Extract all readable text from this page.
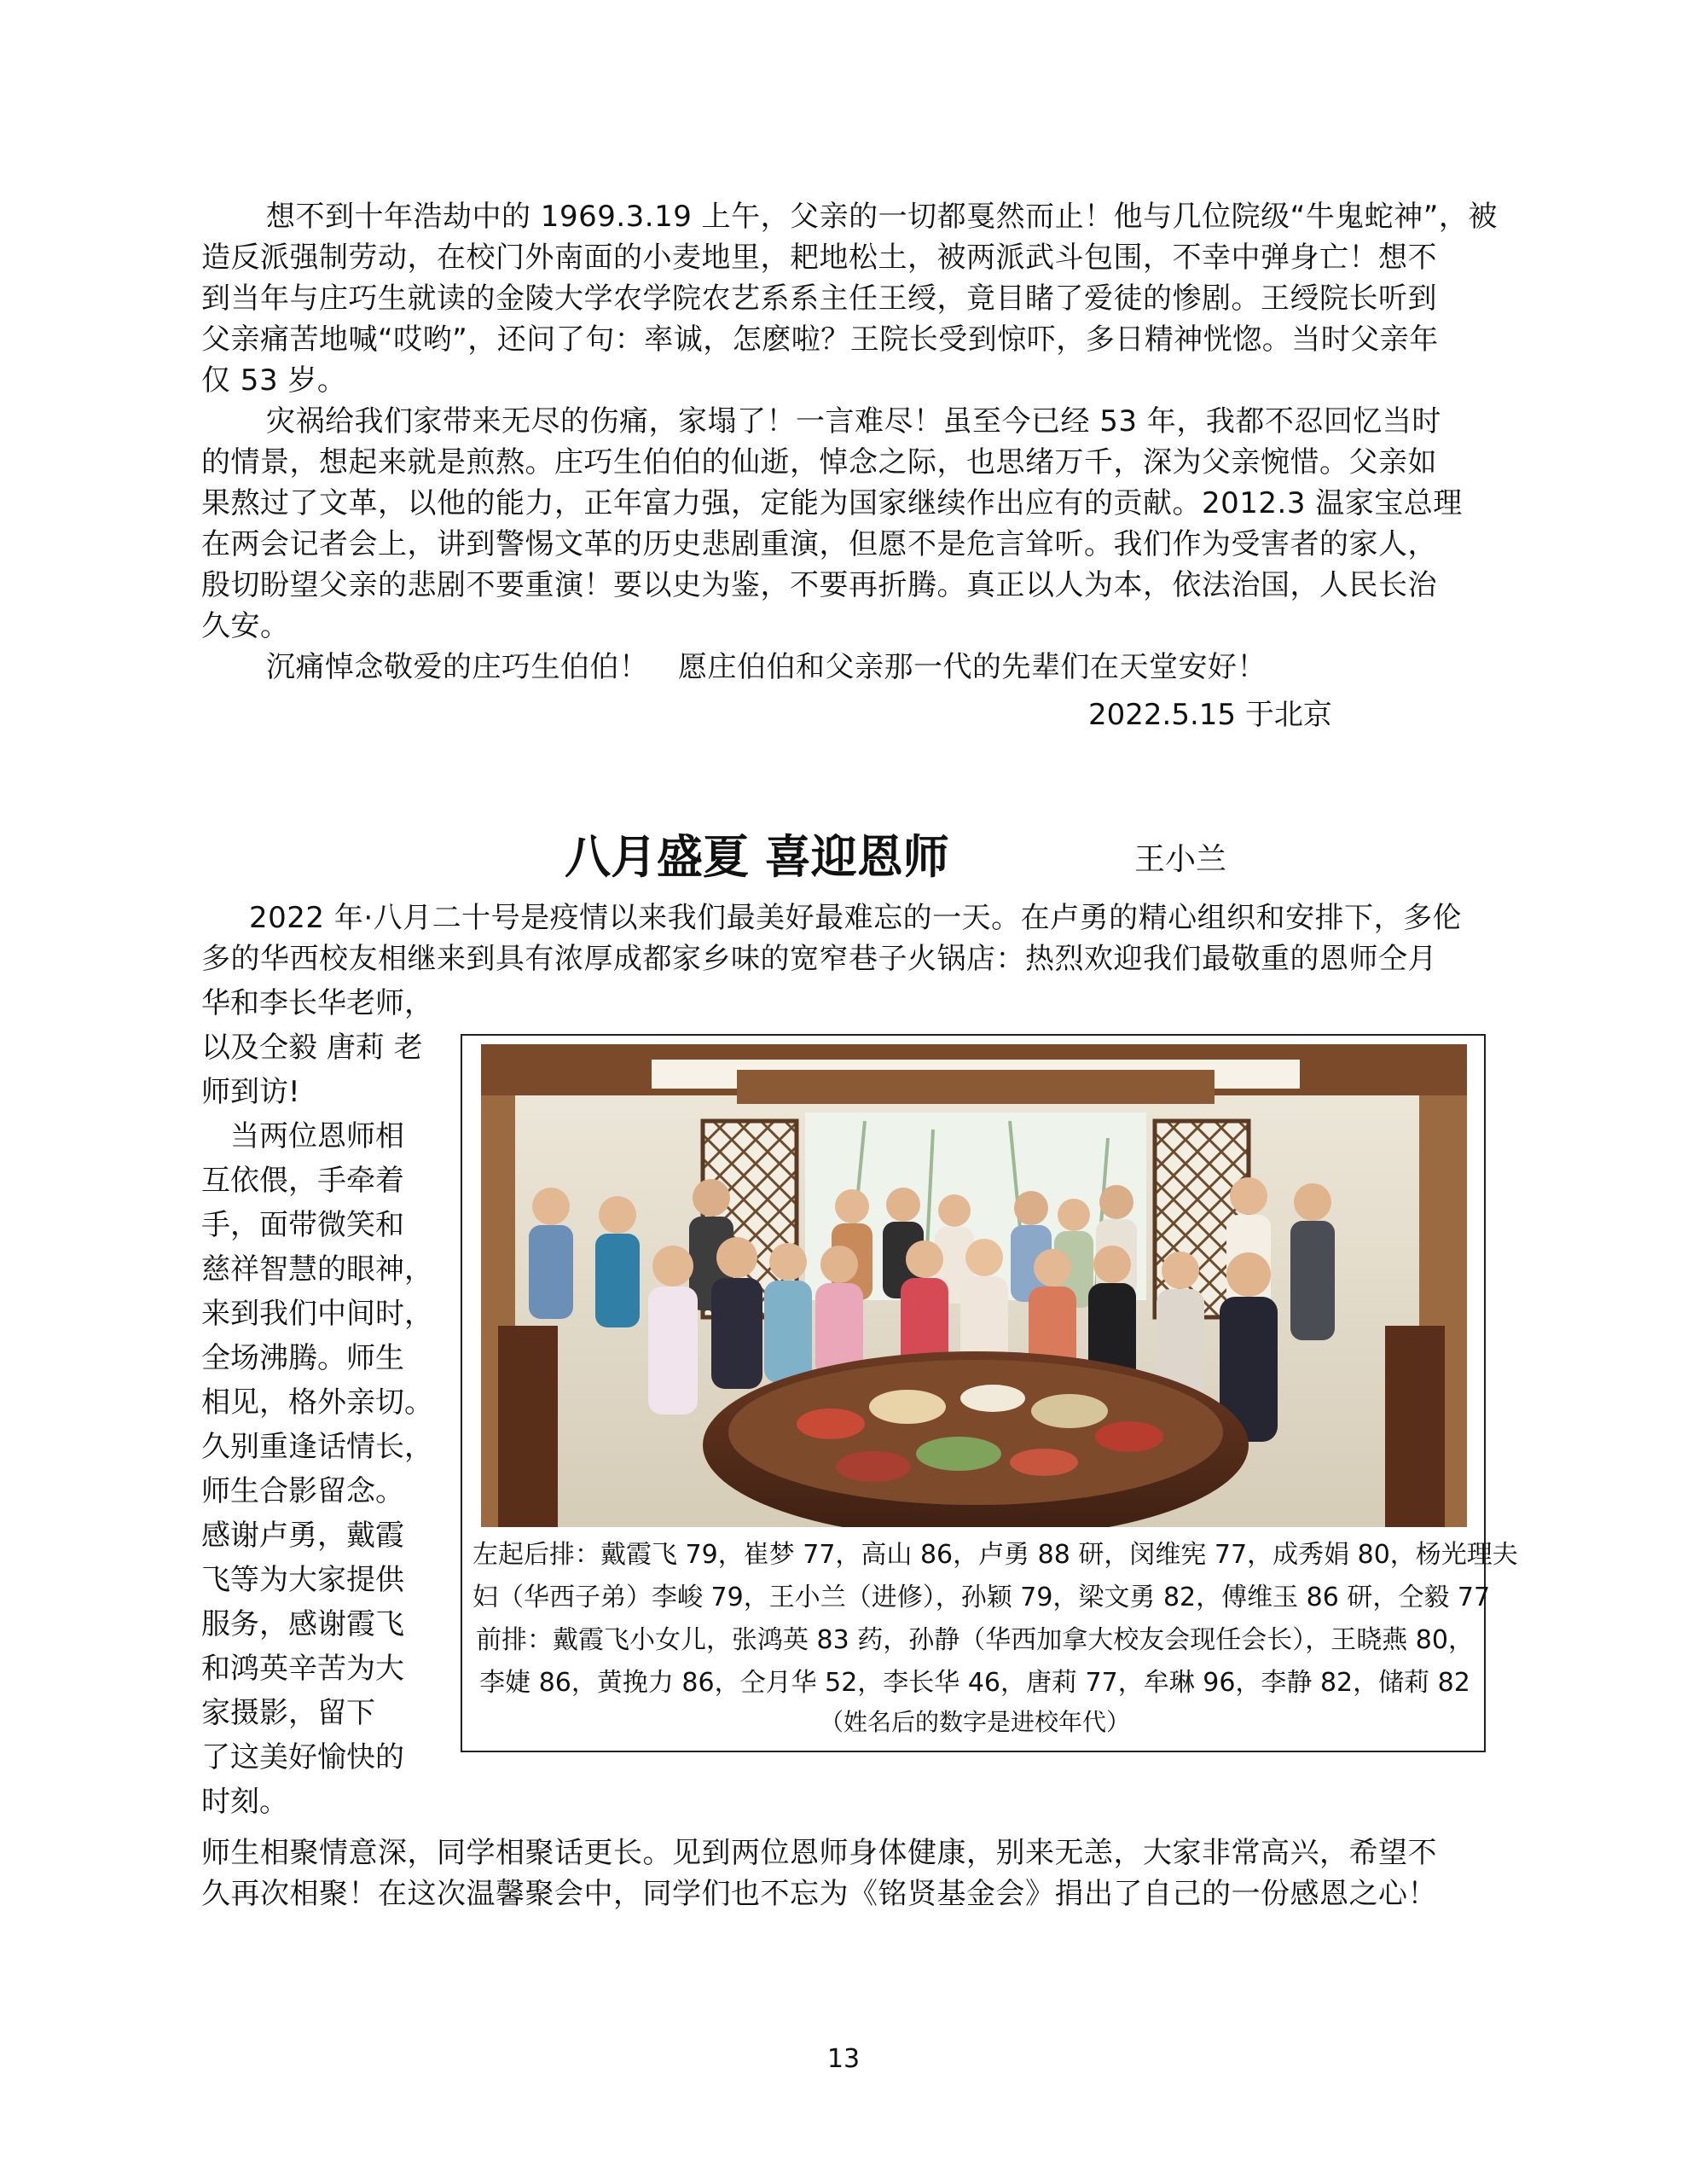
想不到十年浩劫中的 1969.3.19 上午，父亲的一切都戛然而止！他与几位院级“牛鬼蛇神”，被
造反派强制劳动，在校门外南面的小麦地里，耙地松土，被两派武斗包围，不幸中弹身亡！想不
到当年与庄巧生就读的金陵大学农学院农艺系系主任王绶，竟目睹了爱徒的惨剧。王绶院长听到
父亲痛苦地喊“哎哟”，还问了句：率诚，怎麽啦？王院长受到惊吓，多日精神恍惚。当时父亲年
仅 53 岁。
灾祸给我们家带来无尽的伤痛，家塌了！一言难尽！虽至今已经 53 年，我都不忍回忆当时
的情景，想起来就是煎熬。庄巧生伯伯的仙逝，悼念之际，也思绪万千，深为父亲惋惜。父亲如
果熬过了文革，以他的能力，正年富力强，定能为国家继续作出应有的贡献。2012.3 温家宝总理
在两会记者会上，讲到警惕文革的历史悲剧重演，但愿不是危言耸听。我们作为受害者的家人，
殷切盼望父亲的悲剧不要重演！要以史为鉴，不要再折腾。真正以人为本，依法治国，人民长治
久安。
沉痛悼念敬爱的庄巧生伯伯！　愿庄伯伯和父亲那一代的先辈们在天堂安好！
2022.5.15 于北京
八月盛夏 喜迎恩师	王小兰
2022 年·八月二十号是疫情以来我们最美好最难忘的一天。在卢勇的精心组织和安排下，多伦
多的华西校友相继来到具有浓厚成都家乡味的宽窄巷子火锅店：热烈欢迎我们最敬重的恩师仝月
华和李长华老师，
以及仝毅 唐莉 老
师到访!
　当两位恩师相
互依偎，手牵着
手，面带微笑和
慈祥智慧的眼神，
来到我们中间时，
全场沸腾。师生
相见，格外亲切。
久别重逢话情长，
师生合影留念。
感谢卢勇，戴霞
飞等为大家提供
服务，感谢霞飞
和鸿英辛苦为大
家摄影，留下
了这美好愉快的
时刻。
左起后排：戴霞飞 79，崔梦 77，高山 86，卢勇 88 研，闵维宪 77，成秀娟 80，杨光理夫
妇（华西子弟）李峻 79，王小兰（进修），孙颖 79，梁文勇 82，傅维玉 86 研，仝毅 77
前排：戴霞飞小女儿，张鸿英 83 药，孙静（华西加拿大校友会现任会长），王晓燕 80，
李婕 86，黄挽力 86，仝月华 52，李长华 46，唐莉 77，牟琳 96，李静 82，储莉 82
（姓名后的数字是进校年代）
师生相聚情意深，同学相聚话更长。见到两位恩师身体健康，别来无恙，大家非常高兴，希望不
久再次相聚！在这次温馨聚会中，同学们也不忘为《铭贤基金会》捐出了自己的一份感恩之心！
13
